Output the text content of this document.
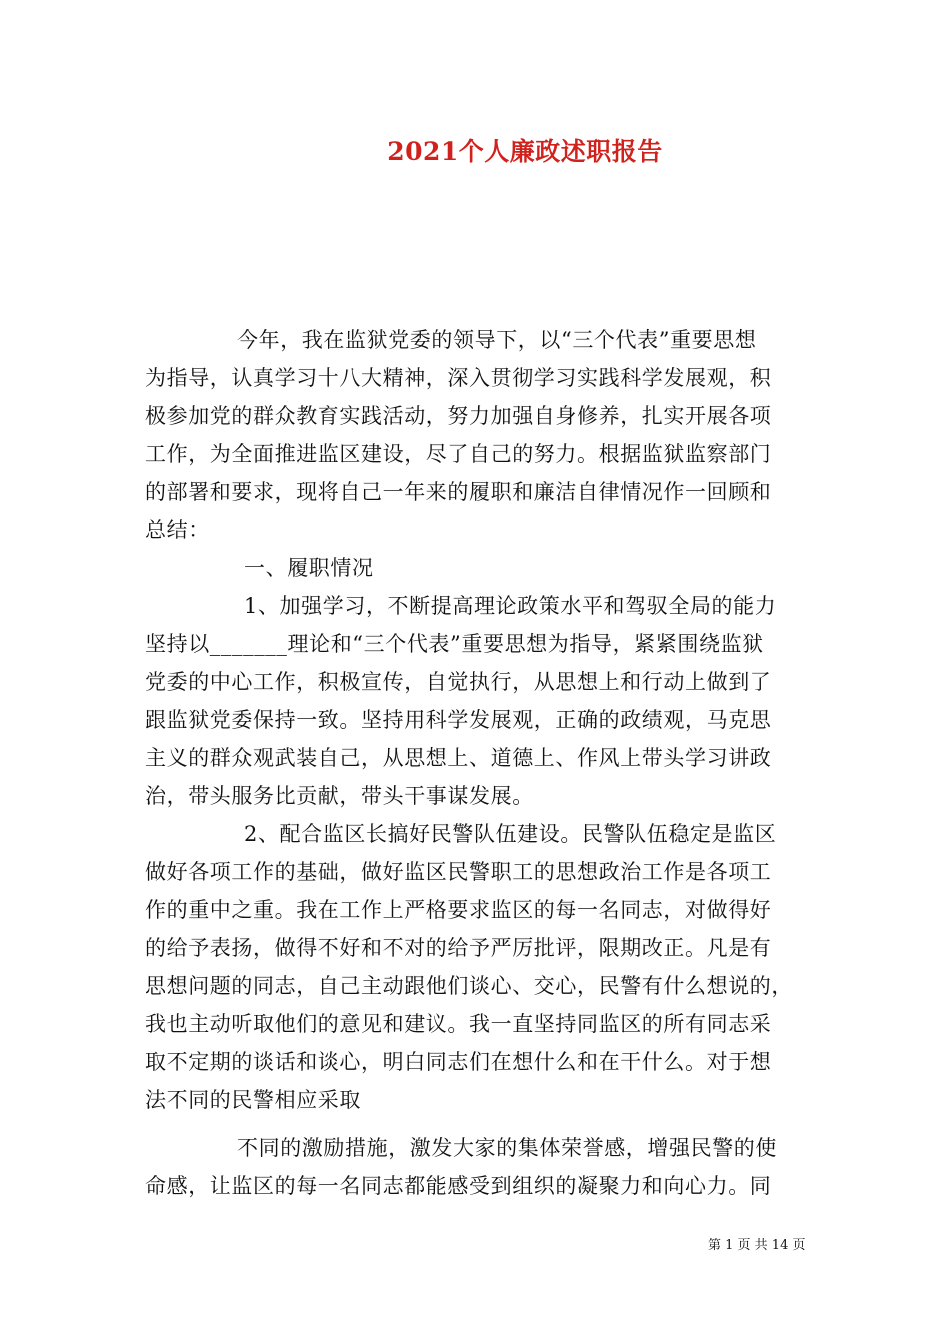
2021个人廉政述职报告
今年，我在监狱党委的领导下，以“三个代表”重要思想
为指导，认真学习十八大精神，深入贯彻学习实践科学发展观，积
极参加党的群众教育实践活动，努力加强自身修养，扎实开展各项
工作，为全面推进监区建设，尽了自己的努力。根据监狱监察部门
的部署和要求，现将自己一年来的履职和廉洁自律情况作一回顾和
总结：
一、履职情况
1、加强学习，不断提高理论政策水平和驾驭全局的能力
坚持以_______理论和“三个代表”重要思想为指导，紧紧围绕监狱
党委的中心工作，积极宣传，自觉执行，从思想上和行动上做到了
跟监狱党委保持一致。坚持用科学发展观，正确的政绩观，马克思
主义的群众观武装自己，从思想上、道德上、作风上带头学习讲政
治，带头服务比贡献，带头干事谋发展。
2、配合监区长搞好民警队伍建设。民警队伍稳定是监区
做好各项工作的基础，做好监区民警职工的思想政治工作是各项工
作的重中之重。我在工作上严格要求监区的每一名同志，对做得好
的给予表扬，做得不好和不对的给予严厉批评，限期改正。凡是有
思想问题的同志，自己主动跟他们谈心、交心，民警有什么想说的，
我也主动听取他们的意见和建议。我一直坚持同监区的所有同志采
取不定期的谈话和谈心，明白同志们在想什么和在干什么。对于想
法不同的民警相应采取
不同的激励措施，激发大家的集体荣誉感，增强民警的使
命感，让监区的每一名同志都能感受到组织的凝聚力和向心力。同
第 1 页 共 14 页
